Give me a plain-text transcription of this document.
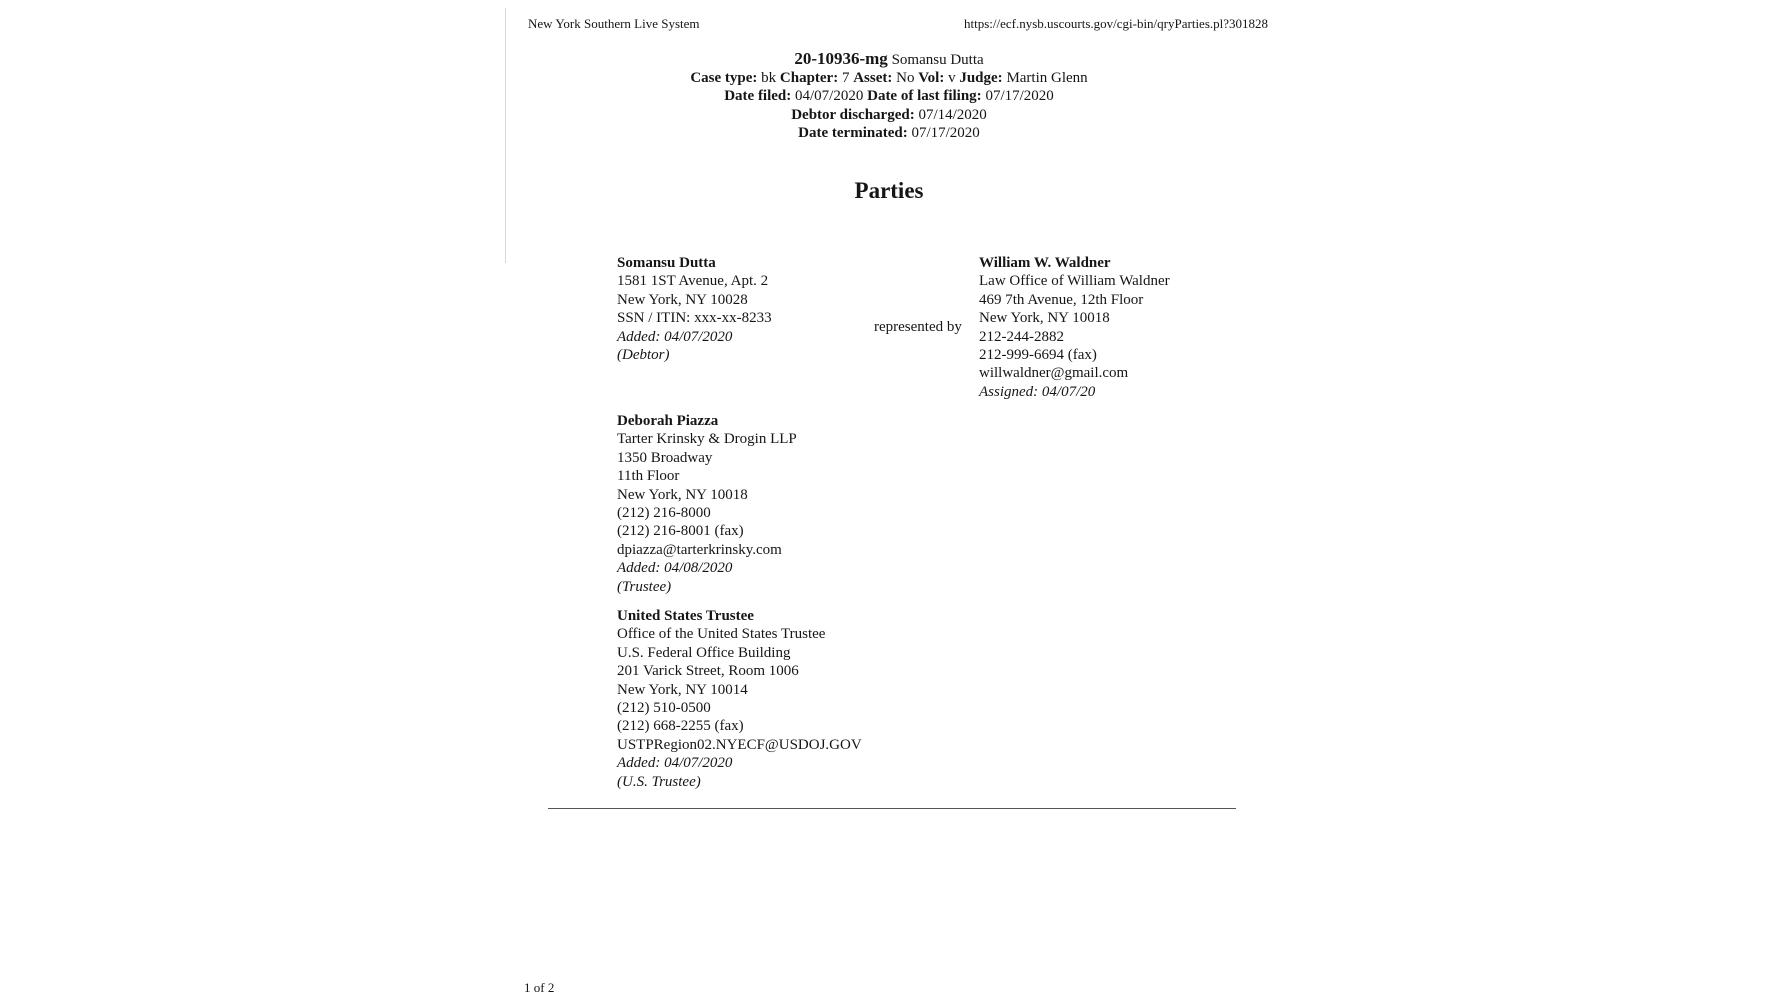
New York Southern Live System	https://ecf.nysb.uscourts.gov/cgi-bin/qryParties.pl?301828
20-10936-mg Somansu Dutta
Case type: bk Chapter: 7 Asset: No Vol: v Judge: Martin Glenn
Date filed: 04/07/2020 Date of last filing: 07/17/2020
Debtor discharged: 07/14/2020
Date terminated: 07/17/2020
Parties
Somansu Dutta
1581 1ST Avenue, Apt. 2
New York, NY 10028
SSN / ITIN: xxx-xx-8233
Added: 04/07/2020
(Debtor)
represented by
William W. Waldner
Law Office of William Waldner
469 7th Avenue, 12th Floor
New York, NY 10018
212-244-2882
212-999-6694 (fax)
willwaldner@gmail.com
Assigned: 04/07/20
Deborah Piazza
Tarter Krinsky & Drogin LLP
1350 Broadway
11th Floor
New York, NY 10018
(212) 216-8000
(212) 216-8001 (fax)
dpiazza@tarterkrinsky.com
Added: 04/08/2020
(Trustee)
United States Trustee
Office of the United States Trustee
U.S. Federal Office Building
201 Varick Street, Room 1006
New York, NY 10014
(212) 510-0500
(212) 668-2255 (fax)
USTPRegion02.NYECF@USDOJ.GOV
Added: 04/07/2020
(U.S. Trustee)
1 of 2
